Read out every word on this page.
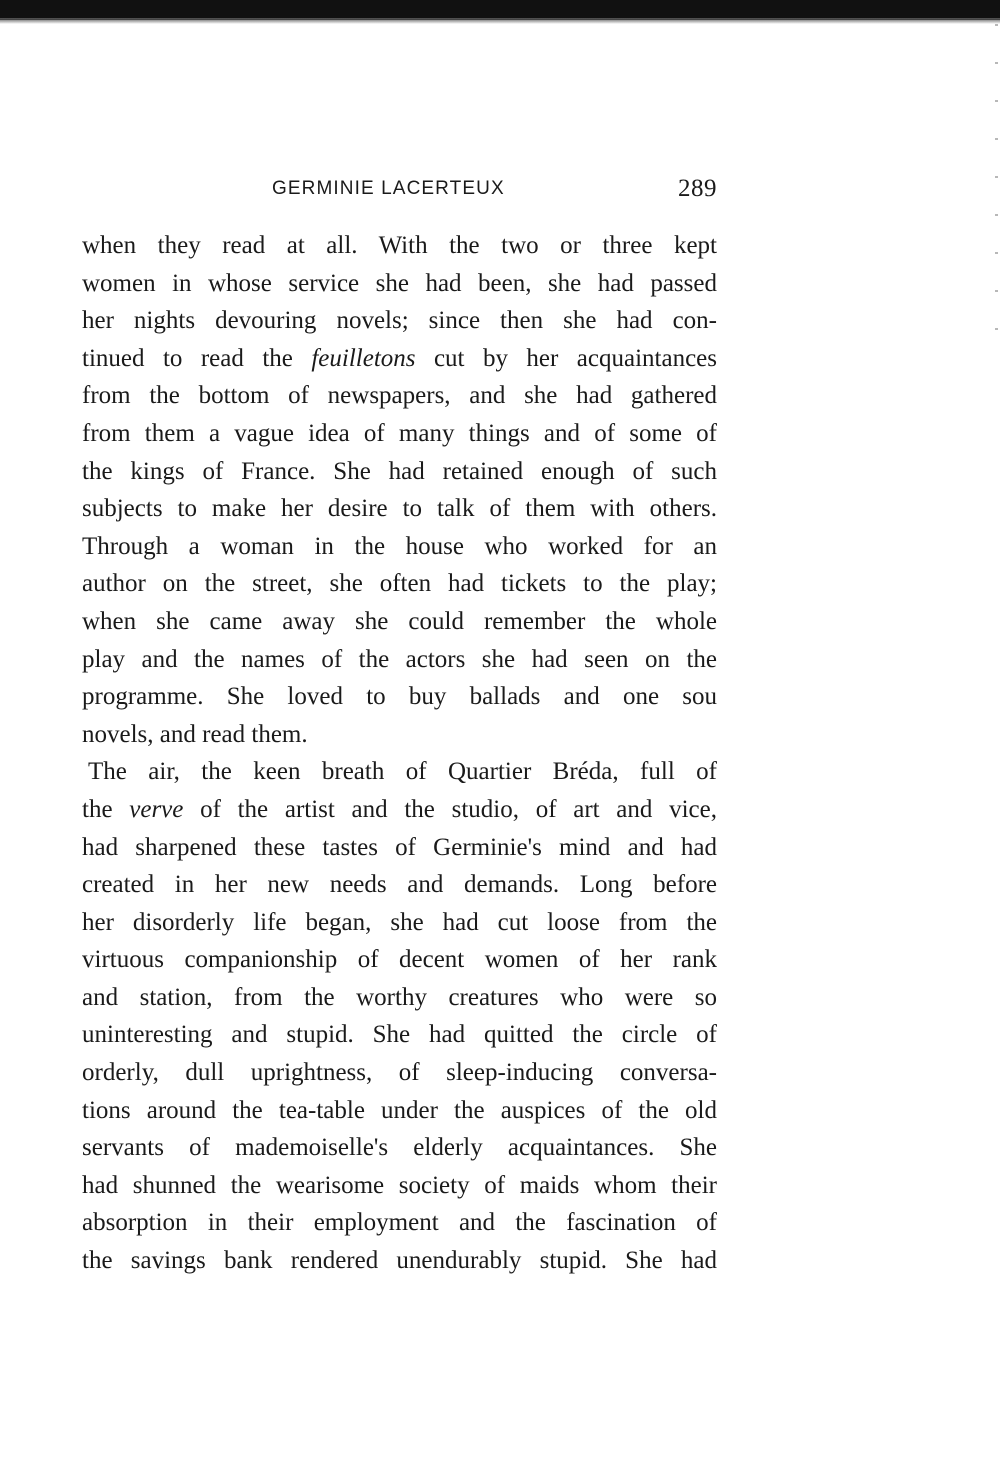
GERMINIE LACERTEUX	289

when they read at all. With the two or three kept
women in whose service she had been, she had passed
her nights devouring novels; since then she had con-
tinued to read the feuilletons cut by her acquaintances
from the bottom of newspapers, and she had gathered
from them a vague idea of many things and of some of
the kings of France. She had retained enough of such
subjects to make her desire to talk of them with others.
Through a woman in the house who worked for an
author on the street, she often had tickets to the play;
when she came away she could remember the whole
play and the names of the actors she had seen on the
programme. She loved to buy ballads and one sou
novels, and read them.

The air, the keen breath of Quartier Bréda, full of
the verve of the artist and the studio, of art and vice,
had sharpened these tastes of Germinie's mind and had
created in her new needs and demands. Long before
her disorderly life began, she had cut loose from the
virtuous companionship of decent women of her rank
and station, from the worthy creatures who were so
uninteresting and stupid. She had quitted the circle of
orderly, dull uprightness, of sleep-inducing conversa-
tions around the tea-table under the auspices of the old
servants of mademoiselle's elderly acquaintances. She
had shunned the wearisome society of maids whom their
absorption in their employment and the fascination of
the savings bank rendered unendurably stupid. She had
